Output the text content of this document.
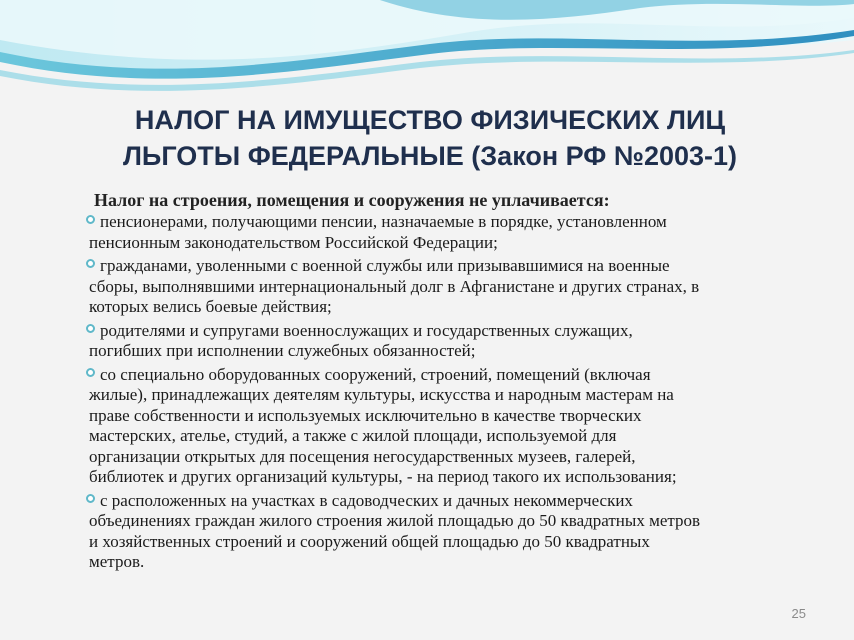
НАЛОГ НА ИМУЩЕСТВО ФИЗИЧЕСКИХ ЛИЦ
ЛЬГОТЫ ФЕДЕРАЛЬНЫЕ (Закон РФ №2003-1)
Налог на строения, помещения и сооружения не уплачивается:
пенсионерами, получающими пенсии, назначаемые в порядке, установленном
пенсионным законодательством Российской Федерации;
гражданами, уволенными с военной службы или призывавшимися на военные
сборы, выполнявшими интернациональный долг в Афганистане и других странах, в
которых велись боевые действия;
родителями и супругами военнослужащих и государственных служащих,
погибших при исполнении служебных обязанностей;
со специально оборудованных сооружений, строений, помещений (включая
жилые), принадлежащих деятелям культуры, искусства и народным мастерам на
праве собственности и используемых исключительно в качестве творческих
мастерских, ателье, студий, а также с жилой площади, используемой для
организации открытых для посещения негосударственных музеев, галерей,
библиотек и других организаций культуры, - на период такого их использования;
с расположенных на участках в садоводческих и дачных некоммерческих
объединениях граждан жилого строения жилой площадью до 50 квадратных метров
и хозяйственных строений и сооружений общей площадью до 50 квадратных
метров.
25
